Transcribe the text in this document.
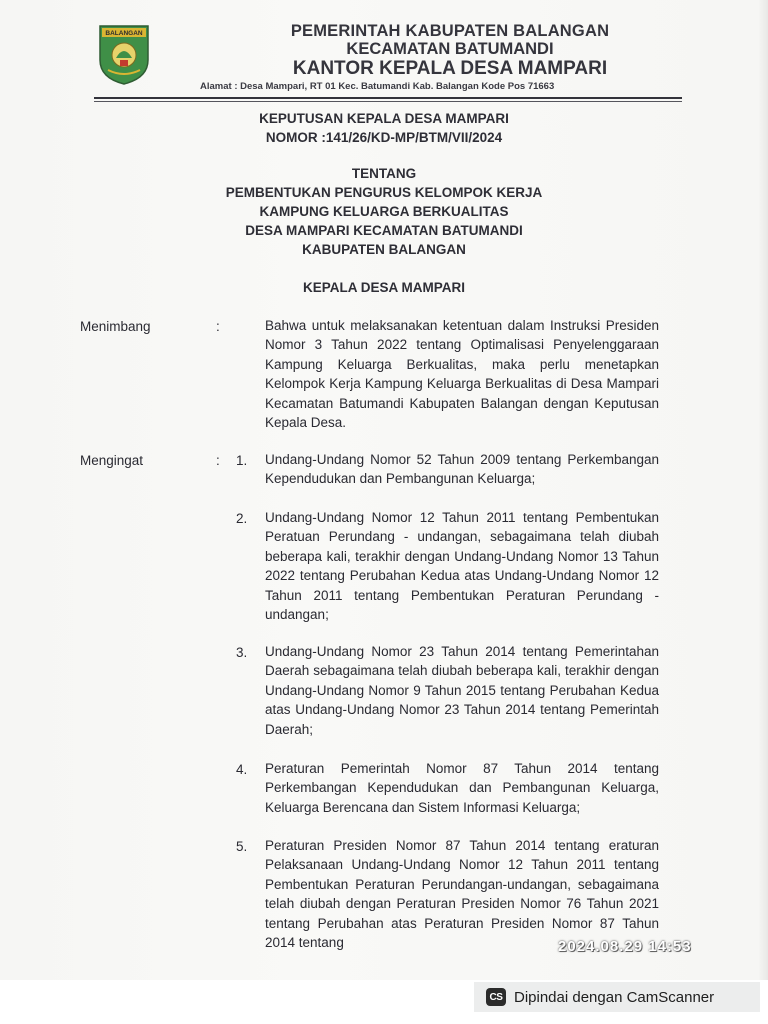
BALANGAN	PEMERINTAH KABUPATEN BALANGAN
KECAMATAN BATUMANDI
KANTOR KEPALA DESA MAMPARI
Alamat : Desa Mampari, RT 01 Kec. Batumandi Kab. Balangan Kode Pos 71663
KEPUTUSAN KEPALA DESA MAMPARI
NOMOR :141/26/KD-MP/BTM/VII/2024
TENTANG
PEMBENTUKAN PENGURUS KELOMPOK KERJA
KAMPUNG KELUARGA BERKUALITAS
DESA MAMPARI KECAMATAN BATUMANDI
KABUPATEN BALANGAN
KEPALA DESA MAMPARI
Menimbang	:	Bahwa untuk melaksanakan ketentuan dalam Instruksi Presiden Nomor 3 Tahun 2022 tentang Optimalisasi Penyelenggaraan Kampung Keluarga Berkualitas, maka perlu menetapkan Kelompok Kerja Kampung Keluarga Berkualitas di Desa Mampari Kecamatan Batumandi Kabupaten Balangan dengan Keputusan Kepala Desa.
Mengingat	: 1. Undang-Undang Nomor 52 Tahun 2009 tentang Perkembangan Kependudukan dan Pembangunan Keluarga;
2. Undang-Undang Nomor 12 Tahun 2011 tentang Pembentukan Peratuan Perundang - undangan, sebagaimana telah diubah beberapa kali, terakhir dengan Undang-Undang Nomor 13 Tahun 2022 tentang Perubahan Kedua atas Undang-Undang Nomor 12 Tahun 2011 tentang Pembentukan Peraturan Perundang - undangan;
3. Undang-Undang Nomor 23 Tahun 2014 tentang Pemerintahan Daerah sebagaimana telah diubah beberapa kali, terakhir dengan Undang-Undang Nomor 9 Tahun 2015 tentang Perubahan Kedua atas Undang-Undang Nomor 23 Tahun 2014 tentang Pemerintah Daerah;
4. Peraturan Pemerintah Nomor 87 Tahun 2014 tentang Perkembangan Kependudukan dan Pembangunan Keluarga, Keluarga Berencana dan Sistem Informasi Keluarga;
5. Peraturan Presiden Nomor 87 Tahun 2014 tentang eraturan Pelaksanaan Undang-Undang Nomor 12 Tahun 2011 tentang Pembentukan Peraturan Perundangan-undangan, sebagaimana telah diubah dengan Peraturan Presiden Nomor 76 Tahun 2021 tentang Perubahan atas Peraturan Presiden Nomor 87 Tahun 2014 tentang	2024.08.29 14:53
CS Dipindai dengan CamScanner
